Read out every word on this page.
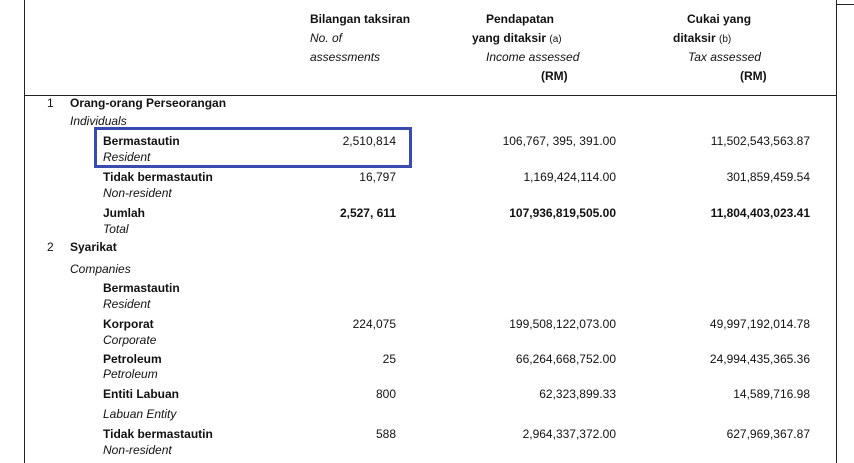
Bilangan taksiran
No. of
assessments
Pendapatan
yang ditaksir (a)
Income assessed
(RM)
Cukai yang
ditaksir (b)
Tax assessed
(RM)
1 Orang-orang Perseorangan
Individuals
Bermastautin
Resident
2,510,814	106,767, 395, 391.00	11,502,543,563.87
Tidak bermastautin
Non-resident
16,797	1,169,424,114.00	301,859,459.54
Jumlah
Total
2,527, 611	107,936,819,505.00	11,804,403,023.41
2 Syarikat
Companies
Bermastautin
Resident
Korporat
Corporate
224,075	199,508,122,073.00	49,997,192,014.78
Petroleum
Petroleum
25	66,264,668,752.00	24,994,435,365.36
Entiti Labuan
Labuan Entity
800	62,323,899.33	14,589,716.98
Tidak bermastautin
Non-resident
588	2,964,337,372.00	627,969,367.87
